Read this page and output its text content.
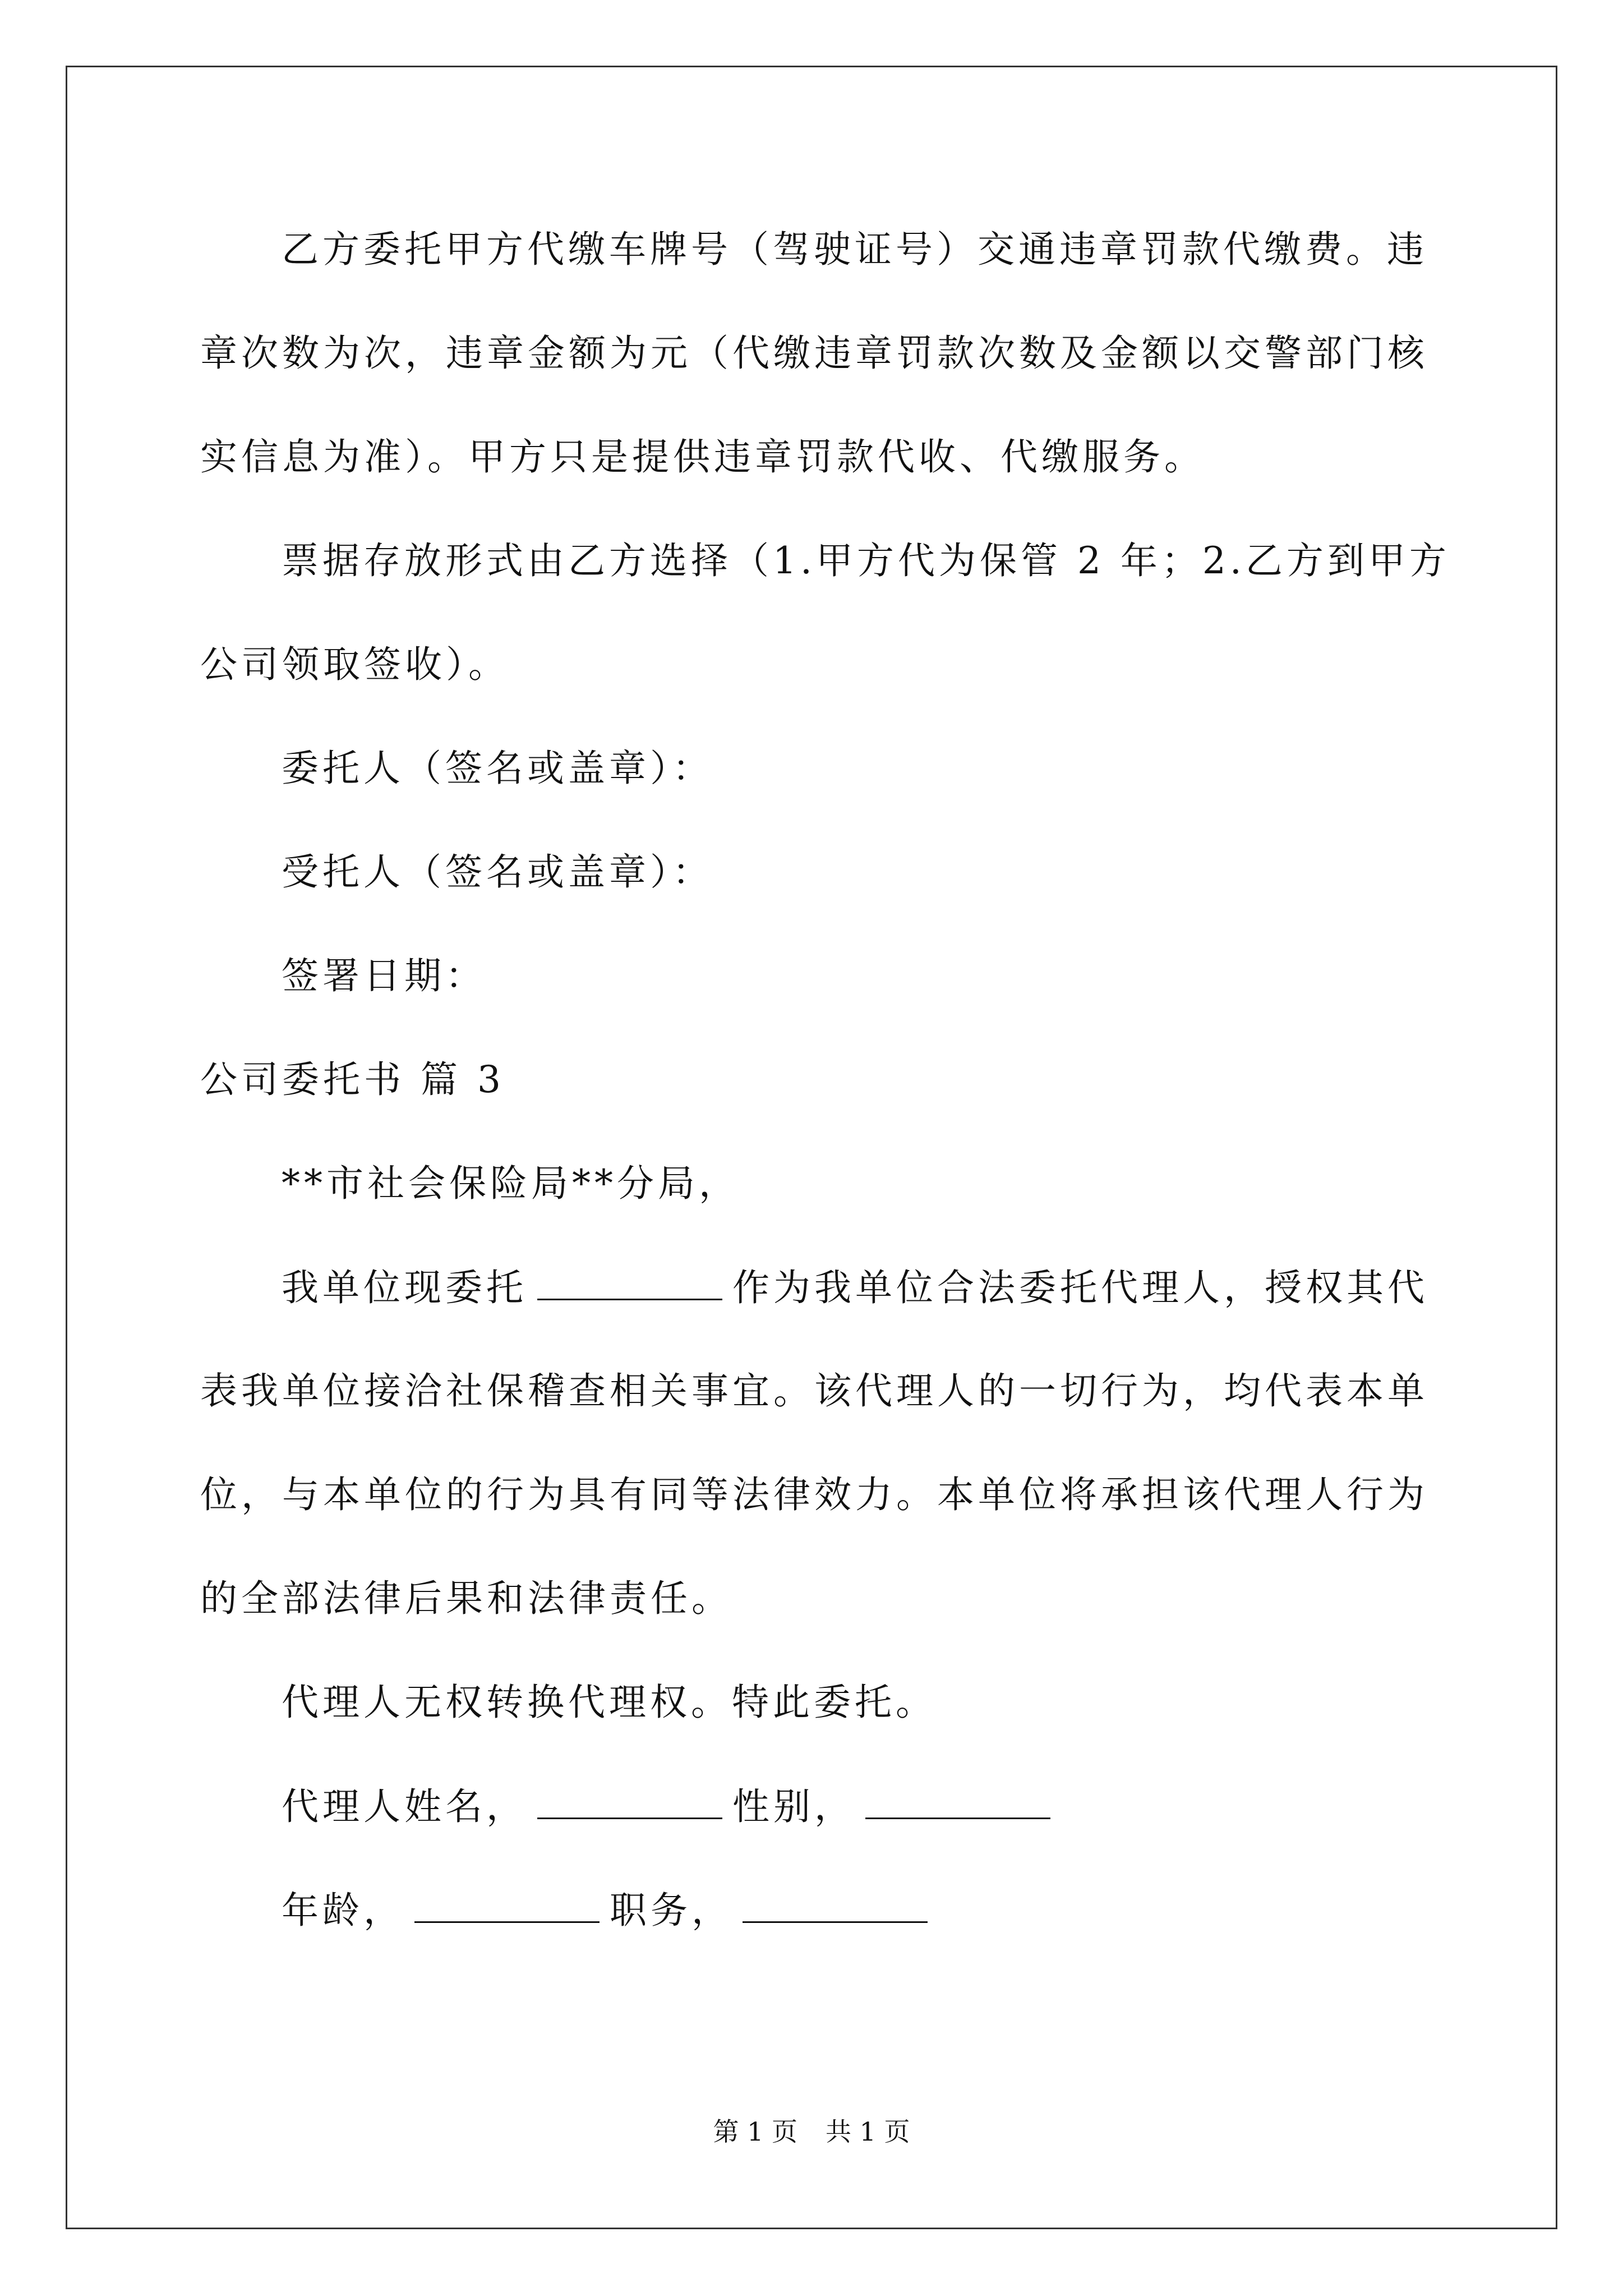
乙方委托甲方代缴车牌号（驾驶证号）交通违章罚款代缴费。违
章次数为次，违章金额为元（代缴违章罚款次数及金额以交警部门核
实信息为准）。甲方只是提供违章罚款代收、代缴服务。
票据存放形式由乙方选择（1.甲方代为保管 2 年；2.乙方到甲方
公司领取签收）。
委托人（签名或盖章）：
受托人（签名或盖章）：
签署日期：
公司委托书 篇 3
**市社会保险局**分局，
我单位现委托	作为我单位合法委托代理人，授权其代
表我单位接洽社保稽查相关事宜。该代理人的一切行为，均代表本单
位，与本单位的行为具有同等法律效力。本单位将承担该代理人行为
的全部法律后果和法律责任。
代理人无权转换代理权。特此委托。
代理人姓名，	性别，
年龄，	职务，
第 1 页 共 1 页
